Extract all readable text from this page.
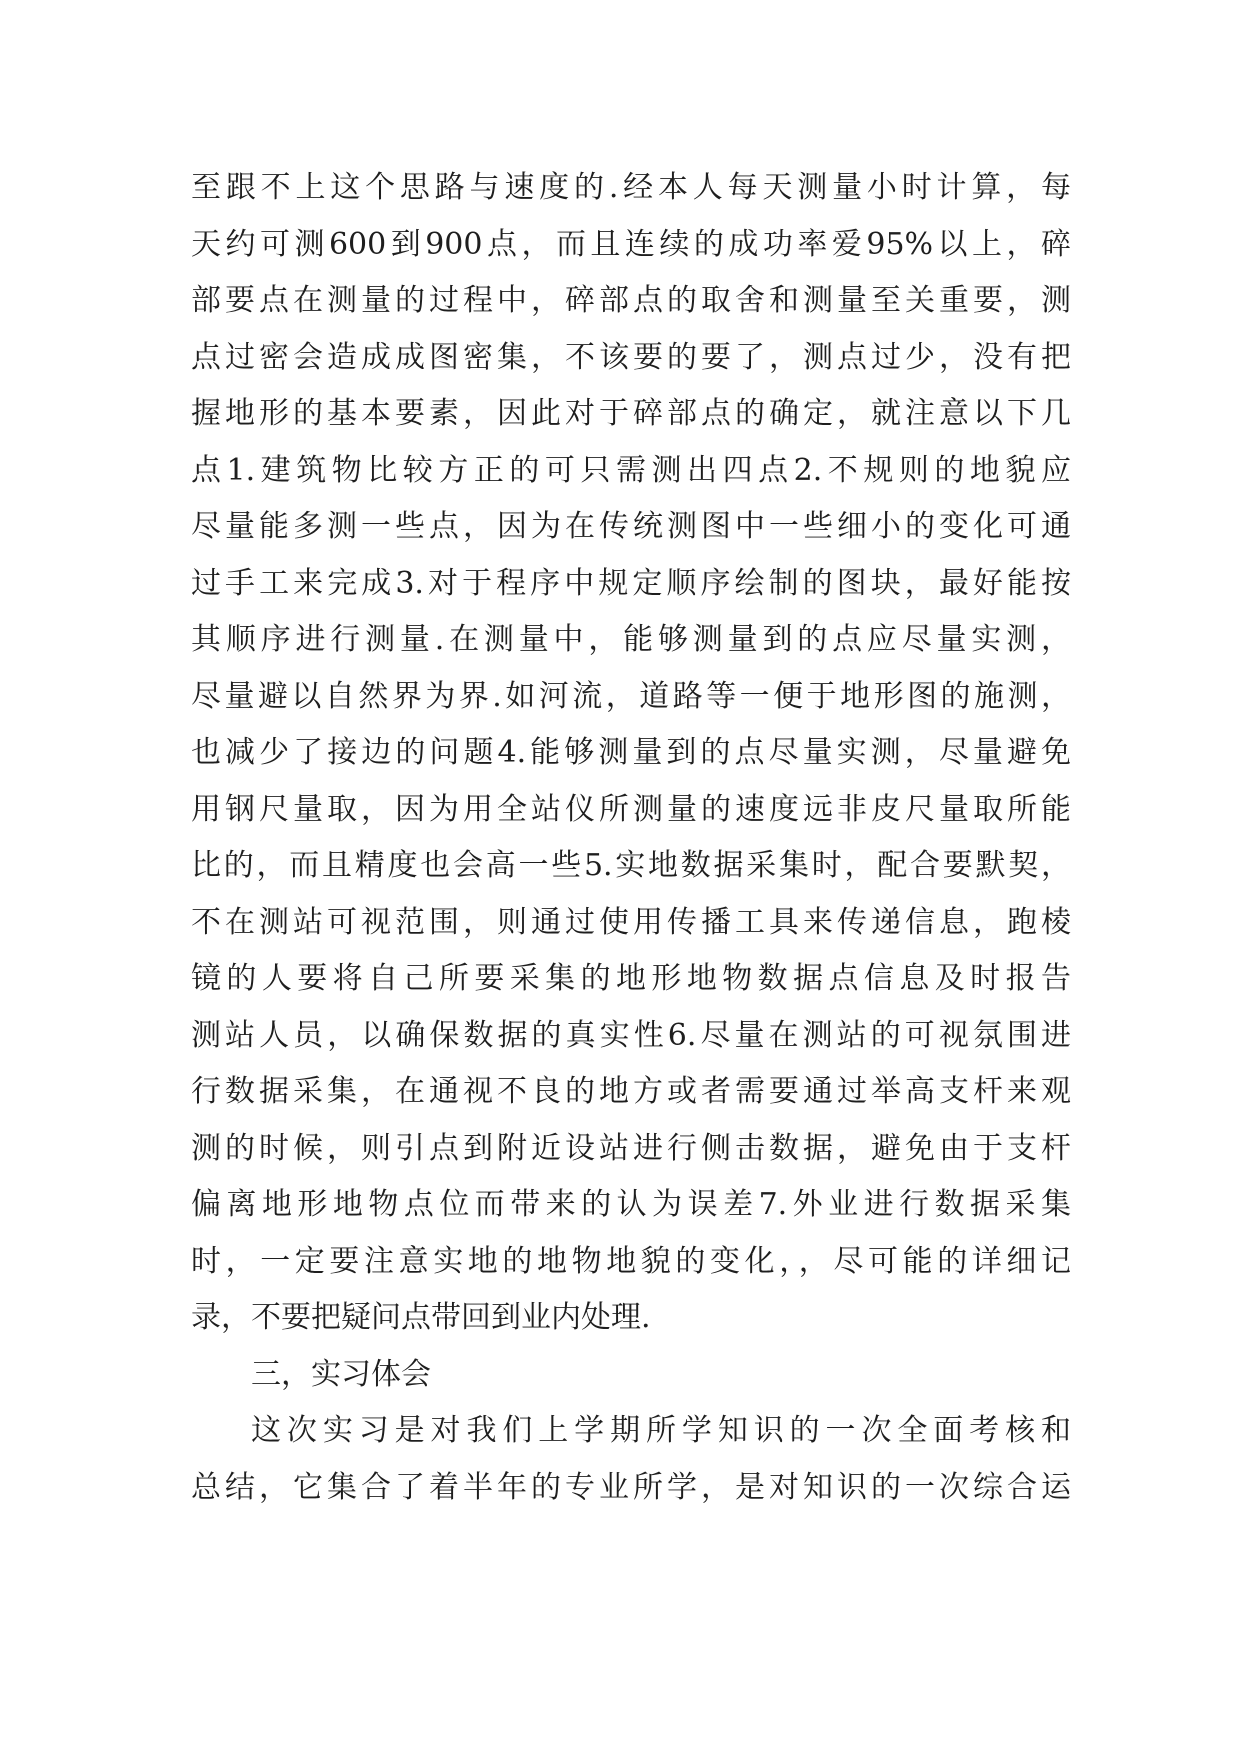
至跟不上这个思路与速度的.经本人每天测量小时计算，每
天约可测600到900点，而且连续的成功率爱95%以上，碎
部要点在测量的过程中，碎部点的取舍和测量至关重要，测
点过密会造成成图密集，不该要的要了，测点过少，没有把
握地形的基本要素，因此对于碎部点的确定，就注意以下几
点1.建筑物比较方正的可只需测出四点2.不规则的地貌应
尽量能多测一些点，因为在传统测图中一些细小的变化可通
过手工来完成3.对于程序中规定顺序绘制的图块，最好能按
其顺序进行测量.在测量中，能够测量到的点应尽量实测，
尽量避以自然界为界.如河流，道路等一便于地形图的施测，
也减少了接边的问题4.能够测量到的点尽量实测，尽量避免
用钢尺量取，因为用全站仪所测量的速度远非皮尺量取所能
比的，而且精度也会高一些5.实地数据采集时，配合要默契，
不在测站可视范围，则通过使用传播工具来传递信息，跑棱
镜的人要将自己所要采集的地形地物数据点信息及时报告
测站人员，以确保数据的真实性6.尽量在测站的可视氛围进
行数据采集，在通视不良的地方或者需要通过举高支杆来观
测的时候，则引点到附近设站进行侧击数据，避免由于支杆
偏离地形地物点位而带来的认为误差7.外业进行数据采集
时，一定要注意实地的地物地貌的变化，，尽可能的详细记
录，不要把疑问点带回到业内处理.
三，实习体会
这次实习是对我们上学期所学知识的一次全面考核和
总结，它集合了着半年的专业所学，是对知识的一次综合运
